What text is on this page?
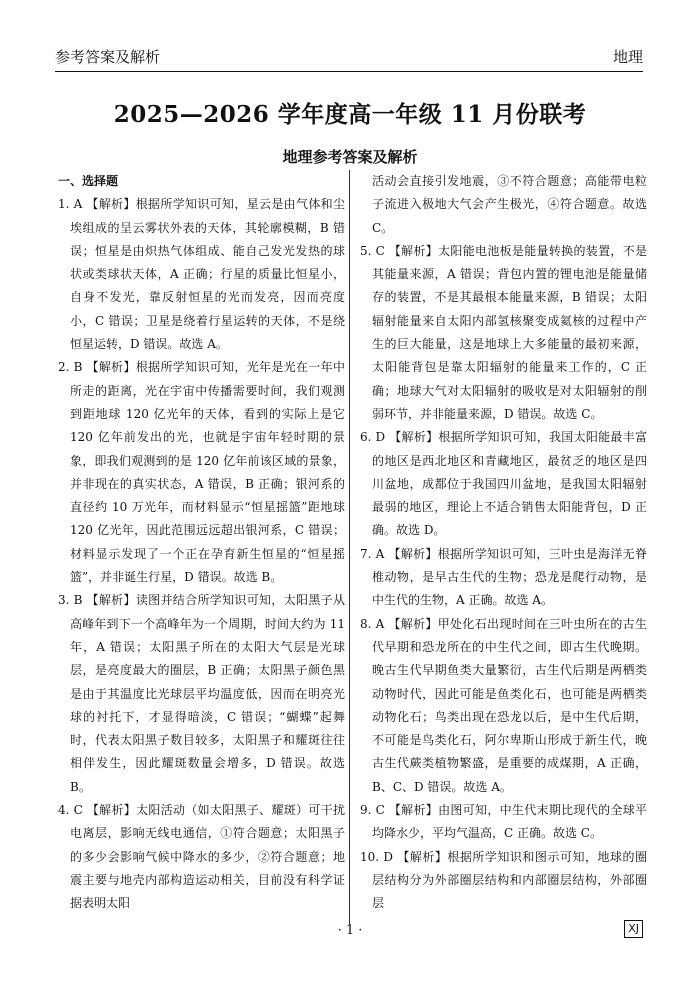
参考答案及解析	地理
2025—2026 学年度高一年级 11 月份联考
地理参考答案及解析

一、选择题

1. A 【解析】根据所学知识可知，星云是由气体和尘埃组成的呈云雾状外表的天体，其轮廓模糊，B 错误；恒星是由炽热气体组成、能自己发光发热的球状或类球状天体，A 正确；行星的质量比恒星小，自身不发光，靠反射恒星的光而发亮，因而亮度小，C 错误；卫星是绕着行星运转的天体，不是绕恒星运转，D 错误。故选 A。

2. B 【解析】根据所学知识可知，光年是光在一年中所走的距离，光在宇宙中传播需要时间，我们观测到距地球 120 亿光年的天体，看到的实际上是它 120 亿年前发出的光，也就是宇宙年轻时期的景象，即我们观测到的是 120 亿年前该区域的景象，并非现在的真实状态，A 错误，B 正确；银河系的直径约 10 万光年，而材料显示“恒星摇篮”距地球 120 亿光年，因此范围远远超出银河系，C 错误；材料显示发现了一个正在孕育新生恒星的“恒星摇篮”，并非诞生行星，D 错误。故选 B。

3. B 【解析】读图并结合所学知识可知，太阳黑子从高峰年到下一个高峰年为一个周期，时间大约为 11 年，A 错误；太阳黑子所在的太阳大气层是光球层，是亮度最大的圈层，B 正确；太阳黑子颜色黑是由于其温度比光球层平均温度低，因而在明亮光球的衬托下，才显得暗淡，C 错误；“蝴蝶”起舞时，代表太阳黑子数目较多，太阳黑子和耀斑往往相伴发生，因此耀斑数量会增多，D 错误。故选 B。

4. C 【解析】太阳活动（如太阳黑子、耀斑）可干扰电离层，影响无线电通信，①符合题意；太阳黑子的多少会影响气候中降水的多少，②符合题意；地震主要与地壳内部构造运动相关，目前没有科学证据表明太阳

活动会直接引发地震，③不符合题意；高能带电粒子流进入极地大气会产生极光，④符合题意。故选 C。

5. C 【解析】太阳能电池板是能量转换的装置，不是其能量来源，A 错误；背包内置的锂电池是能量储存的装置，不是其最根本能量来源，B 错误；太阳辐射能量来自太阳内部氢核聚变成氦核的过程中产生的巨大能量，这是地球上大多能量的最初来源，太阳能背包是靠太阳辐射的能量来工作的，C 正确；地球大气对太阳辐射的吸收是对太阳辐射的削弱环节，并非能量来源，D 错误。故选 C。

6. D 【解析】根据所学知识可知，我国太阳能最丰富的地区是西北地区和青藏地区，最贫乏的地区是四川盆地，成都位于我国四川盆地，是我国太阳辐射最弱的地区，理论上不适合销售太阳能背包，D 正确。故选 D。

7. A 【解析】根据所学知识可知，三叶虫是海洋无脊椎动物，是早古生代的生物；恐龙是爬行动物，是中生代的生物，A 正确。故选 A。

8. A 【解析】甲处化石出现时间在三叶虫所在的古生代早期和恐龙所在的中生代之间，即古生代晚期。晚古生代早期鱼类大量繁衍，古生代后期是两栖类动物时代，因此可能是鱼类化石，也可能是两栖类动物化石；鸟类出现在恐龙以后，是中生代后期，不可能是鸟类化石，阿尔卑斯山形成于新生代，晚古生代蕨类植物繁盛，是重要的成煤期，A 正确，B、C、D 错误。故选 A。

9. C 【解析】由图可知，中生代末期比现代的全球平均降水少，平均气温高，C 正确。故选 C。

10. D 【解析】根据所学知识和图示可知，地球的圈层结构分为外部圈层结构和内部圈层结构，外部圈层

· 1 ·	XJ
